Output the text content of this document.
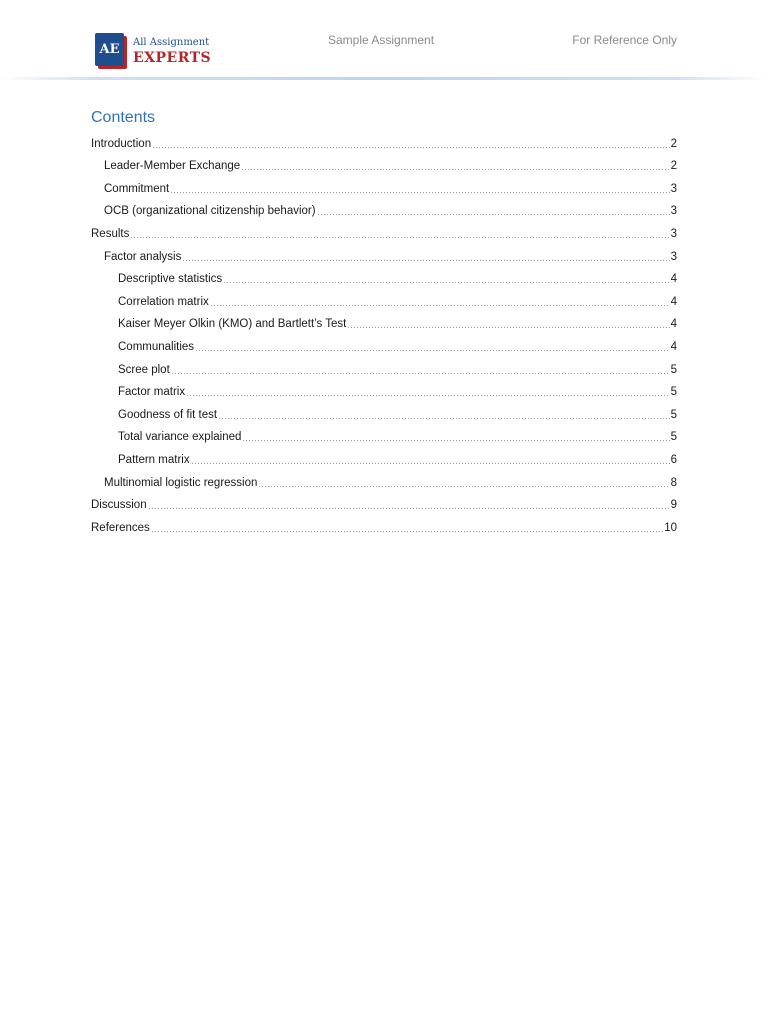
AE All Assignment
EXPERTS
Sample Assignment	For Reference Only
Contents
Introduction	2
Leader-Member Exchange	2
Commitment	3
OCB (organizational citizenship behavior)	3
Results	3
Factor analysis	3
Descriptive statistics	4
Correlation matrix	4
Kaiser Meyer Olkin (KMO) and Bartlett’s Test	4
Communalities	4
Scree plot	5
Factor matrix	5
Goodness of fit test	5
Total variance explained	5
Pattern matrix	6
Multinomial logistic regression	8
Discussion	9
References	10
